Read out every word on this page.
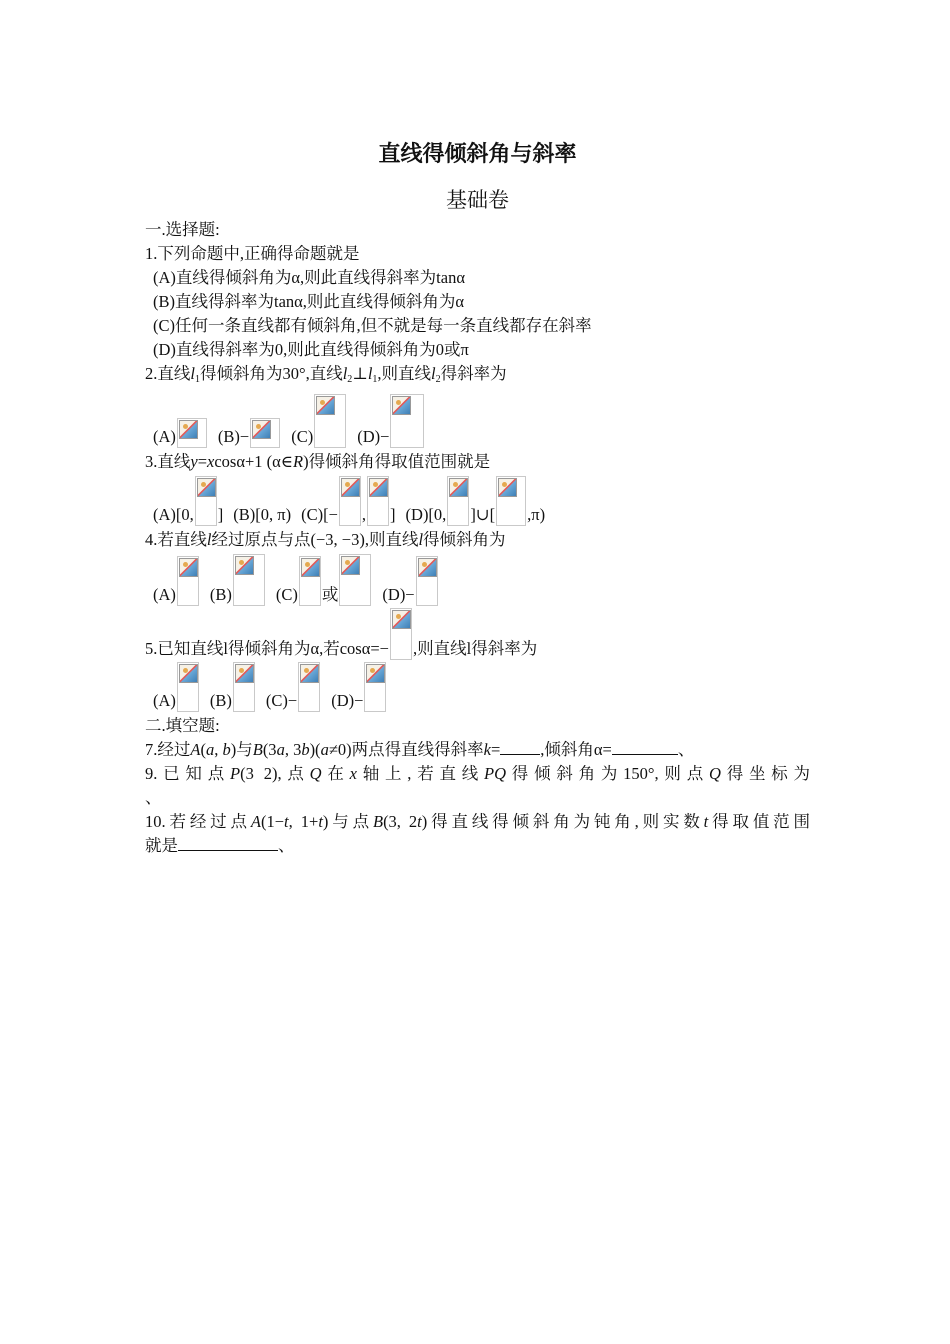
直线得倾斜角与斜率
基础卷
一.选择题:
1.下列命题中,正确得命题就是
(A)直线得倾斜角为α,则此直线得斜率为tanα
(B)直线得斜率为tanα,则此直线得倾斜角为α
(C)任何一条直线都有倾斜角,但不就是每一条直线都存在斜率
(D)直线得斜率为0,则此直线得倾斜角为0或π
2.直线$l_1$得倾斜角为30°,直线$l_2\perp l_1$,则直线$l_2$得斜率为
(A)	(B)−	(C)	(D)−
3.直线y=xcosα+1 (α∈R)得倾斜角得取值范围就是
(A)[0, ] (B)[0, π) (C)[− , ] (D)[0, ]∪[ ,π)
4.若直线l经过原点与点(−3, −3),则直线l得倾斜角为
(A) (B)	(C) 或	(D)−
5.已知直线l得倾斜角为α,若cosα=− ,则直线l得斜率为
(A) (B) (C)− (D)−
二.填空题:
7.经过A(a, b)与B(3a, 3b)(a≠0)两点得直线得斜率k= ,倾斜角α=	、
9.已知点P(3 2),点Q在x轴上,若直线PQ得倾斜角为150°,则点Q得坐标为
、
10.若经过点A(1−t, 1+t)与点B(3, 2t)得直线得倾斜角为钝角,则实数t得取值范围
就是	、
